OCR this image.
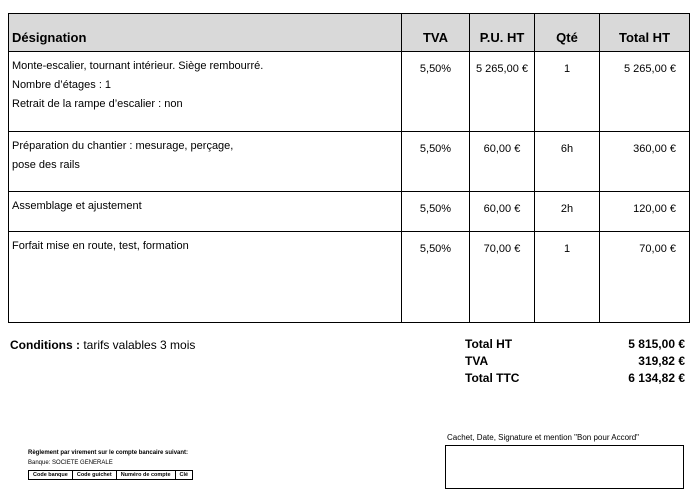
Désignation	TVA	P.U. HT	Qté	Total HT

Monte-escalier, tournant intérieur. Siège rembourré.
Nombre d’étages : 1
Retrait de la rampe d’escalier : non	5,50%	5 265,00 €	1	5 265,00 €

Préparation du chantier : mesurage, perçage,
pose des rails	5,50%	60,00 €	6h	360,00 €

Assemblage et ajustement	5,50%	60,00 €	2h	120,00 €

Forfait mise en route, test, formation	5,50%	70,00 €	1	70,00 €
Conditions : tarifs valables 3 mois	Total HT	5 815,00 €
TVA	319,82 €
Total TTC	6 134,82 €
Règlement par virement sur le compte bancaire suivant:
Banque: SOCIETE GENERALE
Code banque	Code guichet	Numéro de compte	Clé
Cachet, Date, Signature et mention "Bon pour Accord"
